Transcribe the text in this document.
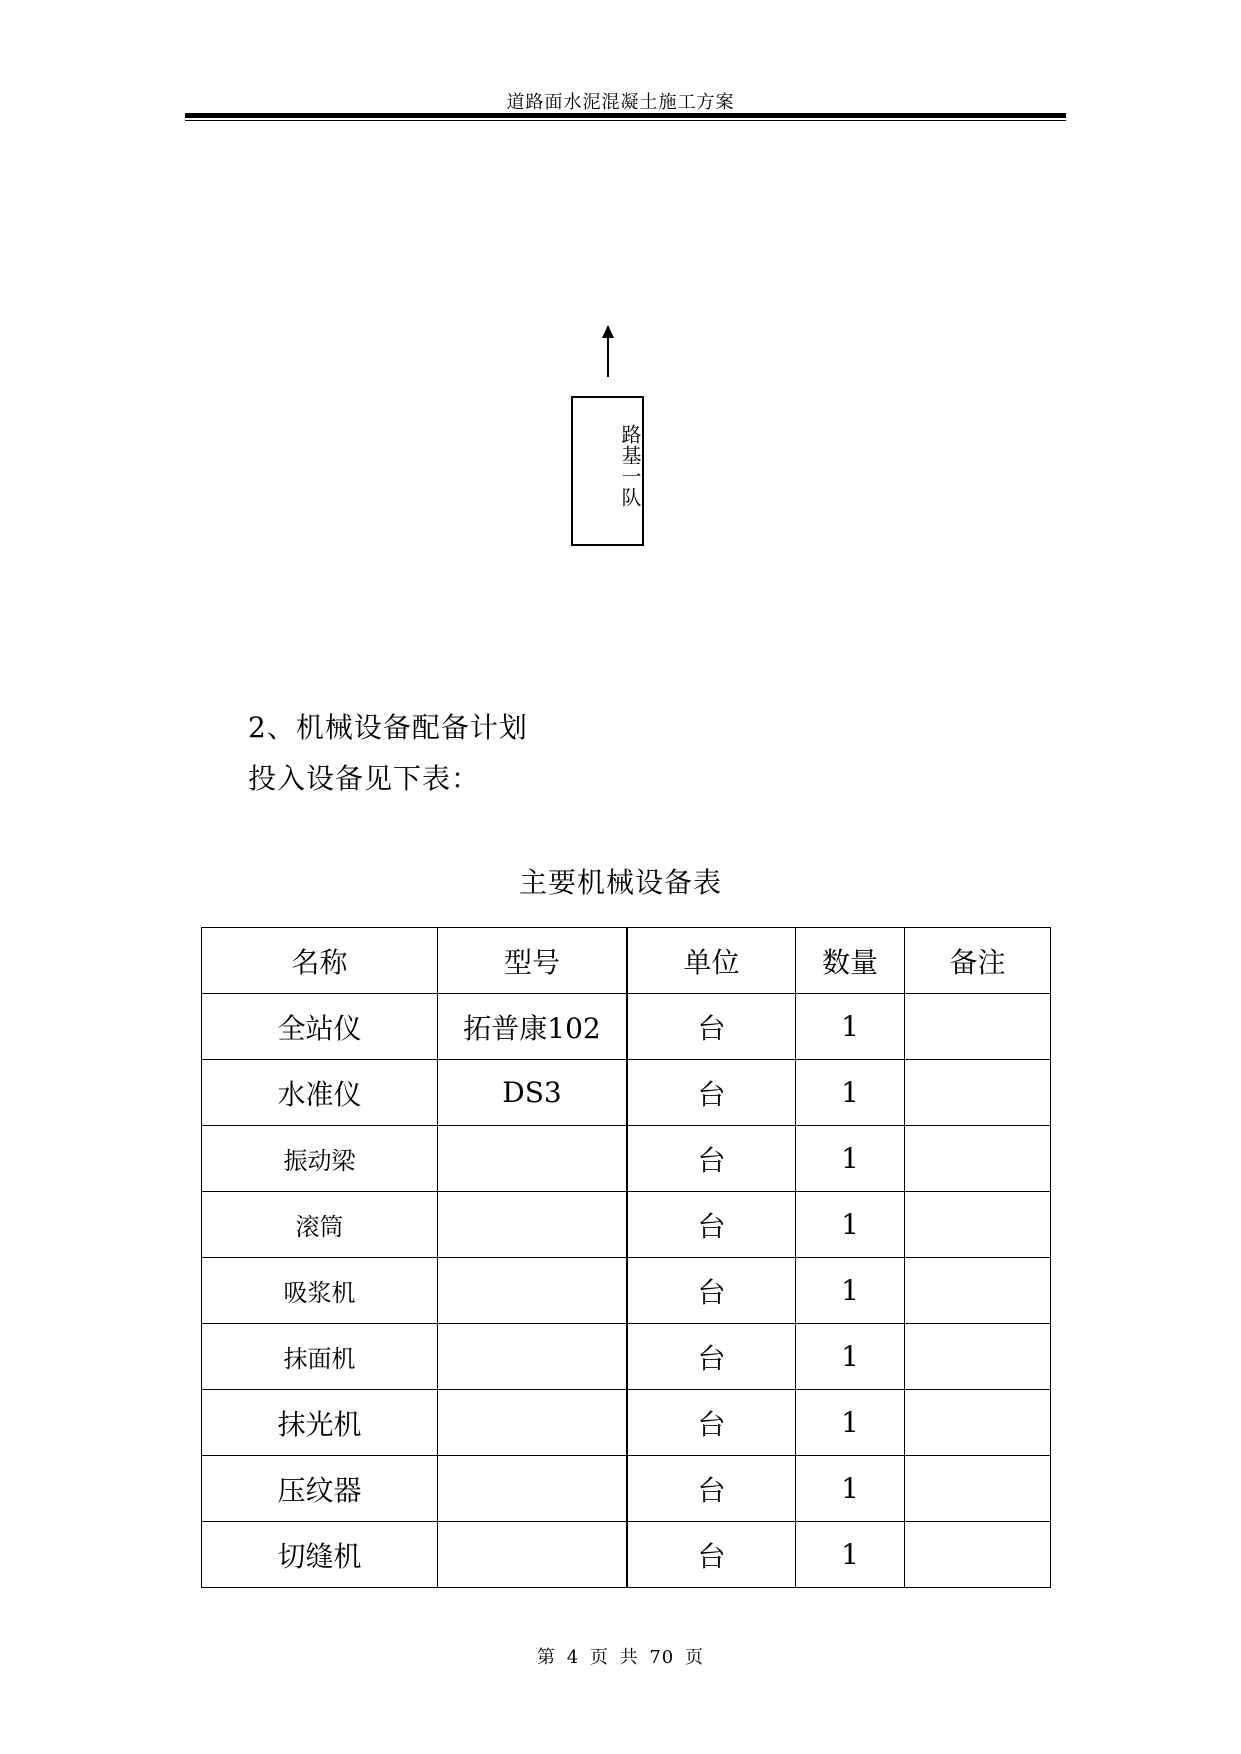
道路面水泥混凝土施工方案
路基一队
2、机械设备配备计划
投入设备见下表：
主要机械设备表
名称	型号	单位	数量	备注
全站仪	拓普康102	台	1	
水准仪	DS3	台	1	
振动梁		台	1	
滚筒		台	1	
吸浆机		台	1	
抹面机		台	1	
抹光机		台	1	
压纹器		台	1	
切缝机		台	1	
第 4 页 共 70 页
